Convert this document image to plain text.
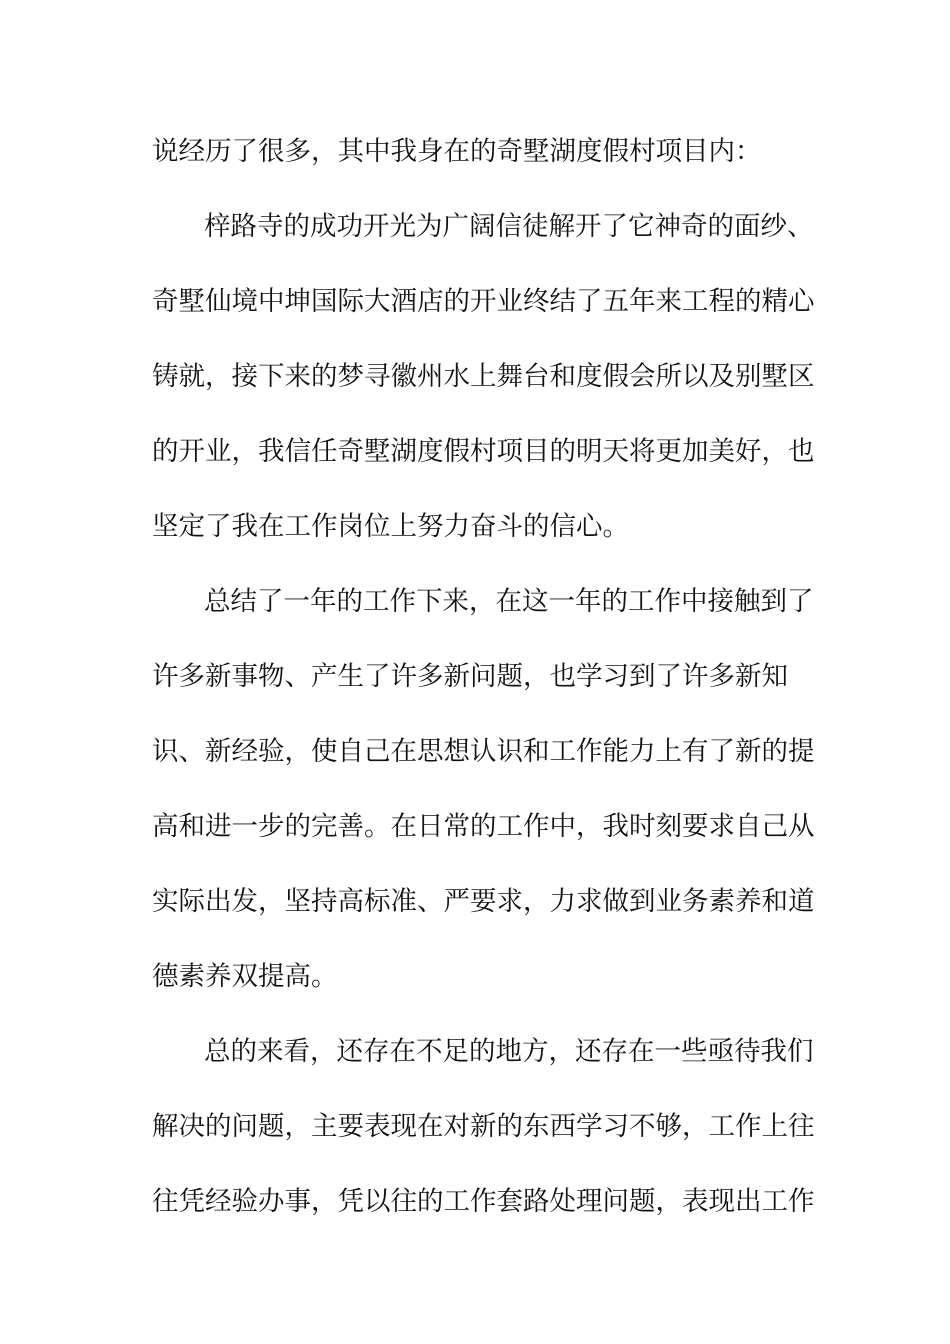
说经历了很多，其中我身在的奇墅湖度假村项目内：
梓路寺的成功开光为广阔信徒解开了它神奇的面纱、
奇墅仙境中坤国际大酒店的开业终结了五年来工程的精心
铸就，接下来的梦寻徽州水上舞台和度假会所以及别墅区
的开业，我信任奇墅湖度假村项目的明天将更加美好，也
坚定了我在工作岗位上努力奋斗的信心。
总结了一年的工作下来，在这一年的工作中接触到了
许多新事物、产生了许多新问题，也学习到了许多新知
识、新经验，使自己在思想认识和工作能力上有了新的提
高和进一步的完善。在日常的工作中，我时刻要求自己从
实际出发，坚持高标准、严要求，力求做到业务素养和道
德素养双提高。
总的来看，还存在不足的地方，还存在一些亟待我们
解决的问题，主要表现在对新的东西学习不够，工作上往
往凭经验办事，凭以往的工作套路处理问题，表现出工作
